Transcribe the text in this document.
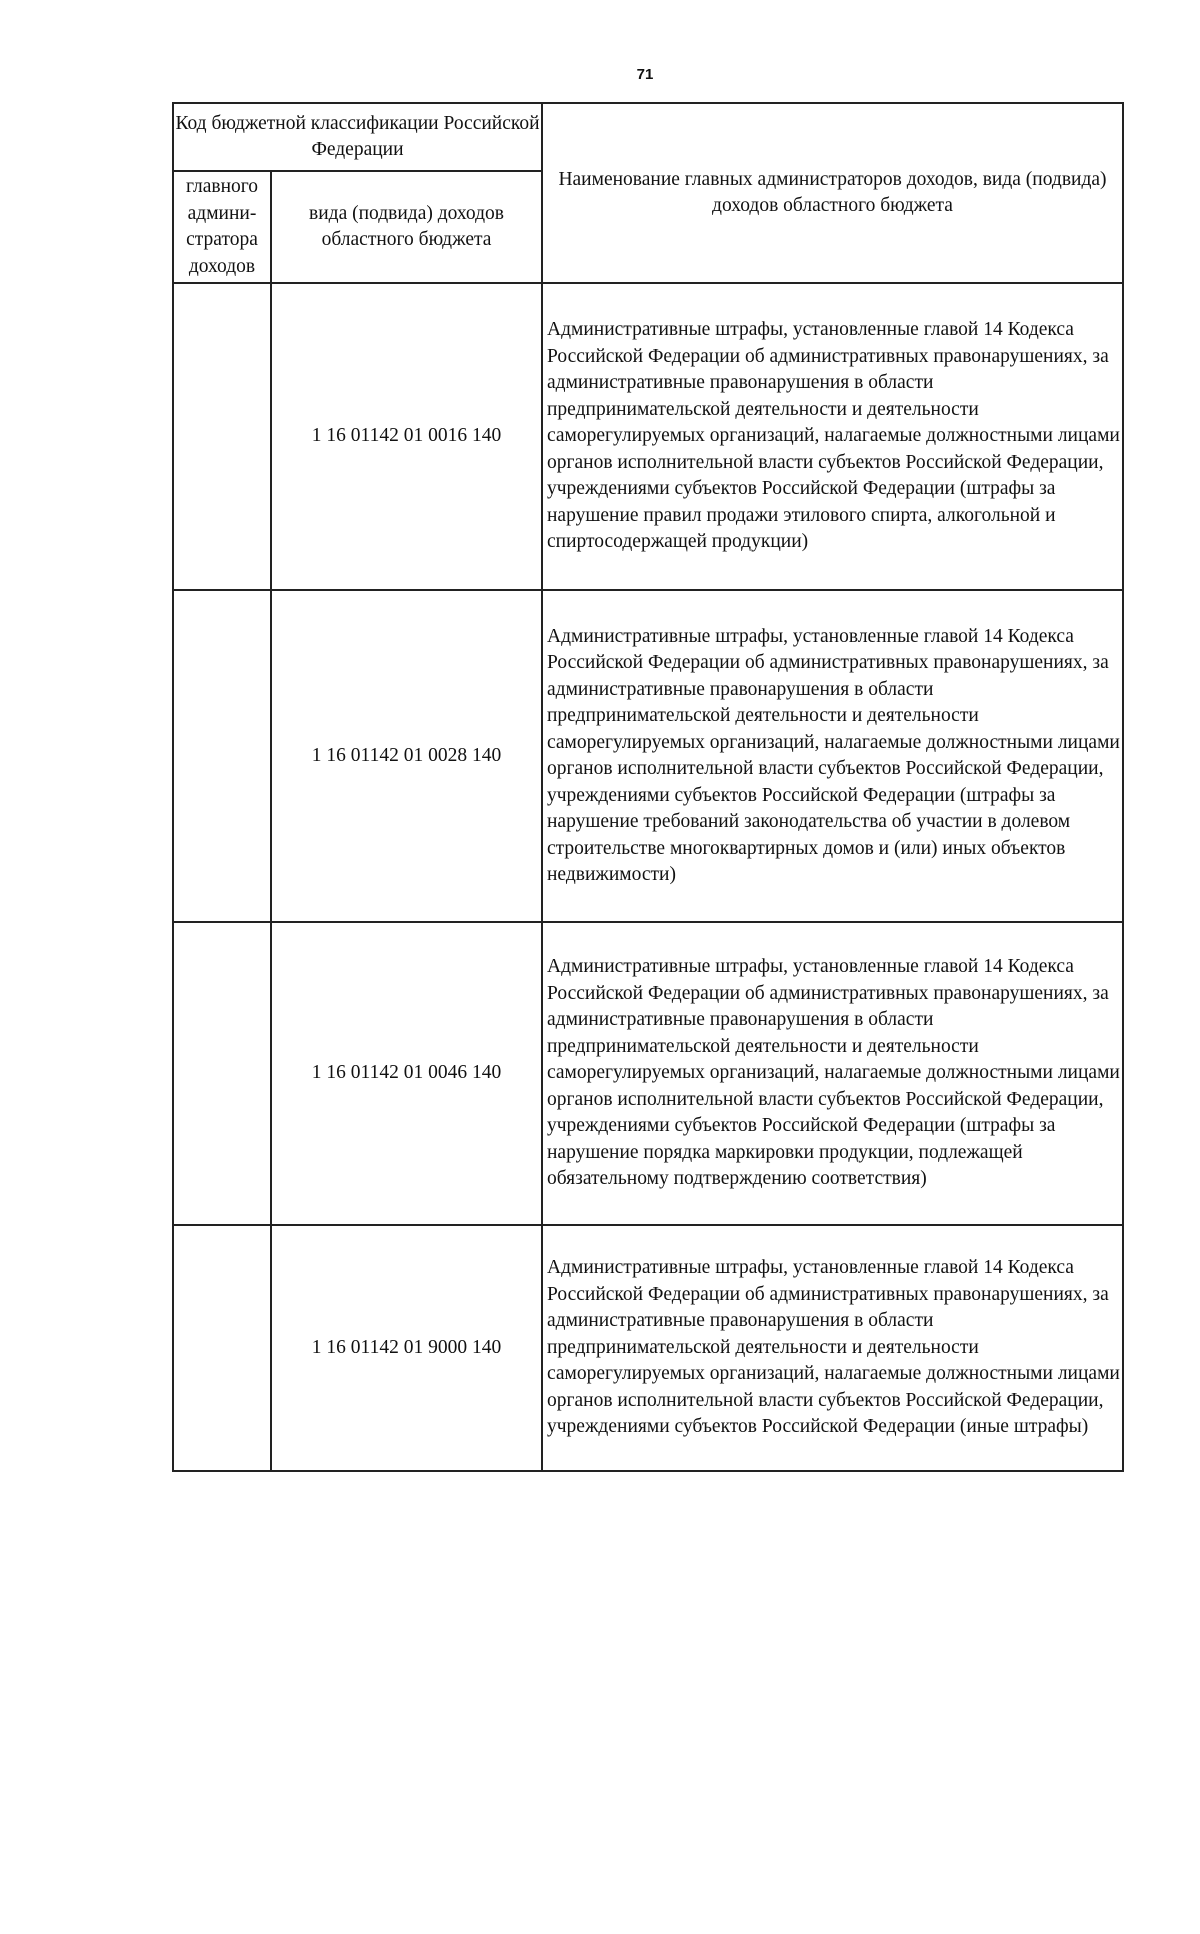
71
Код бюджетной классификации Российской Федерации		Наименование главных администраторов доходов, вида (подвида) доходов областного бюджета
главного админи-стратора доходов	вида (подвида) доходов областного бюджета	
	1 16 01142 01 0016 140	Административные штрафы, установленные главой 14 Кодекса Российской Федерации об административных правонарушениях, за административные правонарушения в области предпринимательской деятельности и деятельности саморегулируемых организаций, налагаемые должностными лицами органов исполнительной власти субъектов Российской Федерации, учреждениями субъектов Российской Федерации (штрафы за нарушение правил продажи этилового спирта, алкогольной и спиртосодержащей продукции)
	1 16 01142 01 0028 140	Административные штрафы, установленные главой 14 Кодекса Российской Федерации об административных правонарушениях, за административные правонарушения в области предпринимательской деятельности и деятельности саморегулируемых организаций, налагаемые должностными лицами органов исполнительной власти субъектов Российской Федерации, учреждениями субъектов Российской Федерации (штрафы за нарушение требований законодательства об участии в долевом строительстве многоквартирных домов и (или) иных объектов недвижимости)
	1 16 01142 01 0046 140	Административные штрафы, установленные главой 14 Кодекса Российской Федерации об административных правонарушениях, за административные правонарушения в области предпринимательской деятельности и деятельности саморегулируемых организаций, налагаемые должностными лицами органов исполнительной власти субъектов Российской Федерации, учреждениями субъектов Российской Федерации (штрафы за нарушение порядка маркировки продукции, подлежащей обязательному подтверждению соответствия)
	1 16 01142 01 9000 140	Административные штрафы, установленные главой 14 Кодекса Российской Федерации об административных правонарушениях, за административные правонарушения в области предпринимательской деятельности и деятельности саморегулируемых организаций, налагаемые должностными лицами органов исполнительной власти субъектов Российской Федерации, учреждениями субъектов Российской Федерации (иные штрафы)
